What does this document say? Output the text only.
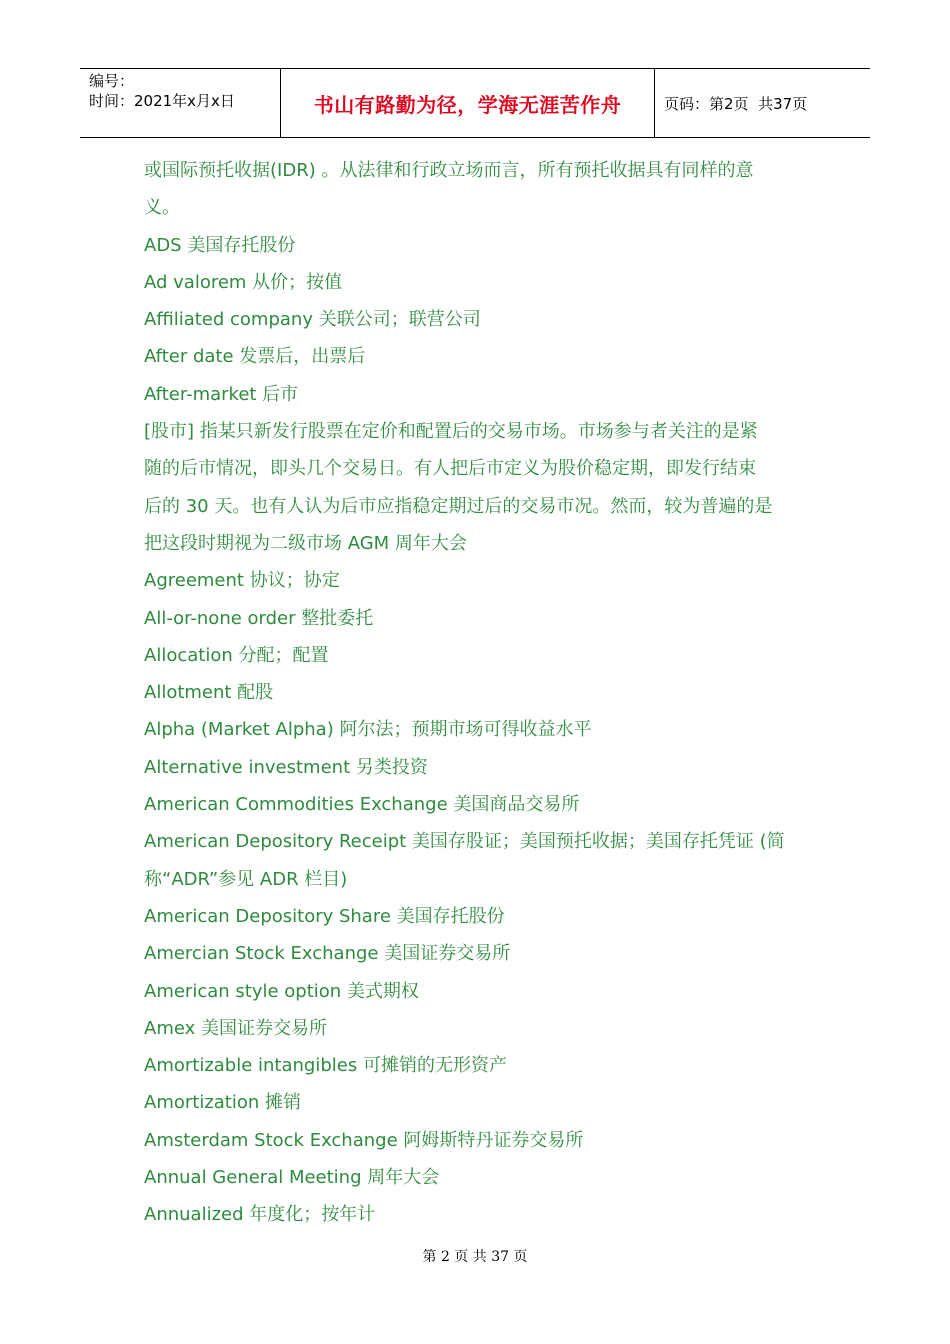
编号：
时间：2021年x月x日	书山有路勤为径，学海无涯苦作舟	页码：第2页  共37页
或国际预托收据(IDR) 。从法律和行政立场而言，所有预托收据具有同样的意
义。
ADS 美国存托股份
Ad valorem 从价；按值
Affiliated company 关联公司；联营公司
After date 发票后，出票后
After-market 后市
[股市] 指某只新发行股票在定价和配置后的交易市场。市场参与者关注的是紧
随的后市情况，即头几个交易日。有人把后市定义为股价稳定期，即发行结束
后的 30 天。也有人认为后市应指稳定期过后的交易市况。然而，较为普遍的是
把这段时期视为二级市场 AGM 周年大会
Agreement 协议；协定
All-or-none order 整批委托
Allocation 分配；配置
Allotment 配股
Alpha (Market Alpha) 阿尔法；预期市场可得收益水平
Alternative investment 另类投资
American Commodities Exchange 美国商品交易所
American Depository Receipt 美国存股证；美国预托收据；美国存托凭证 (简
称“ADR”参见 ADR 栏目)
American Depository Share 美国存托股份
Amercian Stock Exchange 美国证券交易所
American style option 美式期权
Amex 美国证券交易所
Amortizable intangibles 可摊销的无形资产
Amortization 摊销
Amsterdam Stock Exchange 阿姆斯特丹证券交易所
Annual General Meeting 周年大会
Annualized 年度化；按年计
第 2 页 共 37 页
